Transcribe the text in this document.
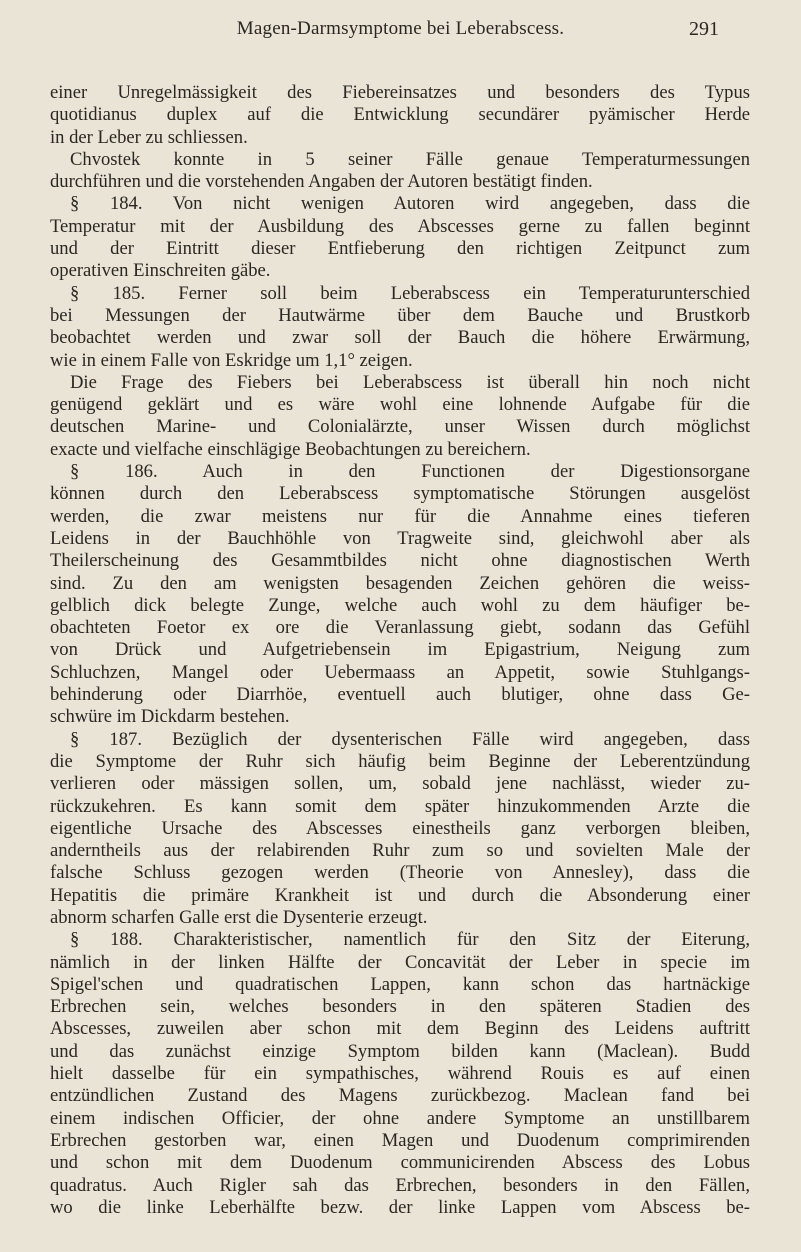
Magen-Darmsymptome bei Leberabscess.	291
einer Unregelmässigkeit des Fiebereinsatzes und besonders des Typus
quotidianus duplex auf die Entwicklung secundärer pyämischer Herde
in der Leber zu schliessen.
Chvostek konnte in 5 seiner Fälle genaue Temperaturmessungen
durchführen und die vorstehenden Angaben der Autoren bestätigt finden.
§ 184. Von nicht wenigen Autoren wird angegeben, dass die
Temperatur mit der Ausbildung des Abscesses gerne zu fallen beginnt
und der Eintritt dieser Entfieberung den richtigen Zeitpunct zum
operativen Einschreiten gäbe.
§ 185. Ferner soll beim Leberabscess ein Temperaturunterschied
bei Messungen der Hautwärme über dem Bauche und Brustkorb
beobachtet werden und zwar soll der Bauch die höhere Erwärmung,
wie in einem Falle von Eskridge um 1,1° zeigen.
Die Frage des Fiebers bei Leberabscess ist überall hin noch nicht
genügend geklärt und es wäre wohl eine lohnende Aufgabe für die
deutschen Marine- und Colonialärzte, unser Wissen durch möglichst
exacte und vielfache einschlägige Beobachtungen zu bereichern.
§ 186. Auch in den Functionen der Digestionsorgane
können durch den Leberabscess symptomatische Störungen ausgelöst
werden, die zwar meistens nur für die Annahme eines tieferen
Leidens in der Bauchhöhle von Tragweite sind, gleichwohl aber als
Theilerscheinung des Gesammtbildes nicht ohne diagnostischen Werth
sind. Zu den am wenigsten besagenden Zeichen gehören die weiss-
gelblich dick belegte Zunge, welche auch wohl zu dem häufiger be-
obachteten Foetor ex ore die Veranlassung giebt, sodann das Gefühl
von Drück und Aufgetriebensein im Epigastrium, Neigung zum
Schluchzen, Mangel oder Uebermaass an Appetit, sowie Stuhlgangs-
behinderung oder Diarrhöe, eventuell auch blutiger, ohne dass Ge-
schwüre im Dickdarm bestehen.
§ 187. Bezüglich der dysenterischen Fälle wird angegeben, dass
die Symptome der Ruhr sich häufig beim Beginne der Leberentzündung
verlieren oder mässigen sollen, um, sobald jene nachlässt, wieder zu-
rückzukehren. Es kann somit dem später hinzukommenden Arzte die
eigentliche Ursache des Abscesses einestheils ganz verborgen bleiben,
anderntheils aus der relabirenden Ruhr zum so und sovielten Male der
falsche Schluss gezogen werden (Theorie von Annesley), dass die
Hepatitis die primäre Krankheit ist und durch die Absonderung einer
abnorm scharfen Galle erst die Dysenterie erzeugt.
§ 188. Charakteristischer, namentlich für den Sitz der Eiterung,
nämlich in der linken Hälfte der Concavität der Leber in specie im
Spigel'schen und quadratischen Lappen, kann schon das hartnäckige
Erbrechen sein, welches besonders in den späteren Stadien des
Abscesses, zuweilen aber schon mit dem Beginn des Leidens auftritt
und das zunächst einzige Symptom bilden kann (Maclean). Budd
hielt dasselbe für ein sympathisches, während Rouis es auf einen
entzündlichen Zustand des Magens zurückbezog. Maclean fand bei
einem indischen Officier, der ohne andere Symptome an unstillbarem
Erbrechen gestorben war, einen Magen und Duodenum comprimirenden
und schon mit dem Duodenum communicirenden Abscess des Lobus
quadratus. Auch Rigler sah das Erbrechen, besonders in den Fällen,
wo die linke Leberhälfte bezw. der linke Lappen vom Abscess be-
